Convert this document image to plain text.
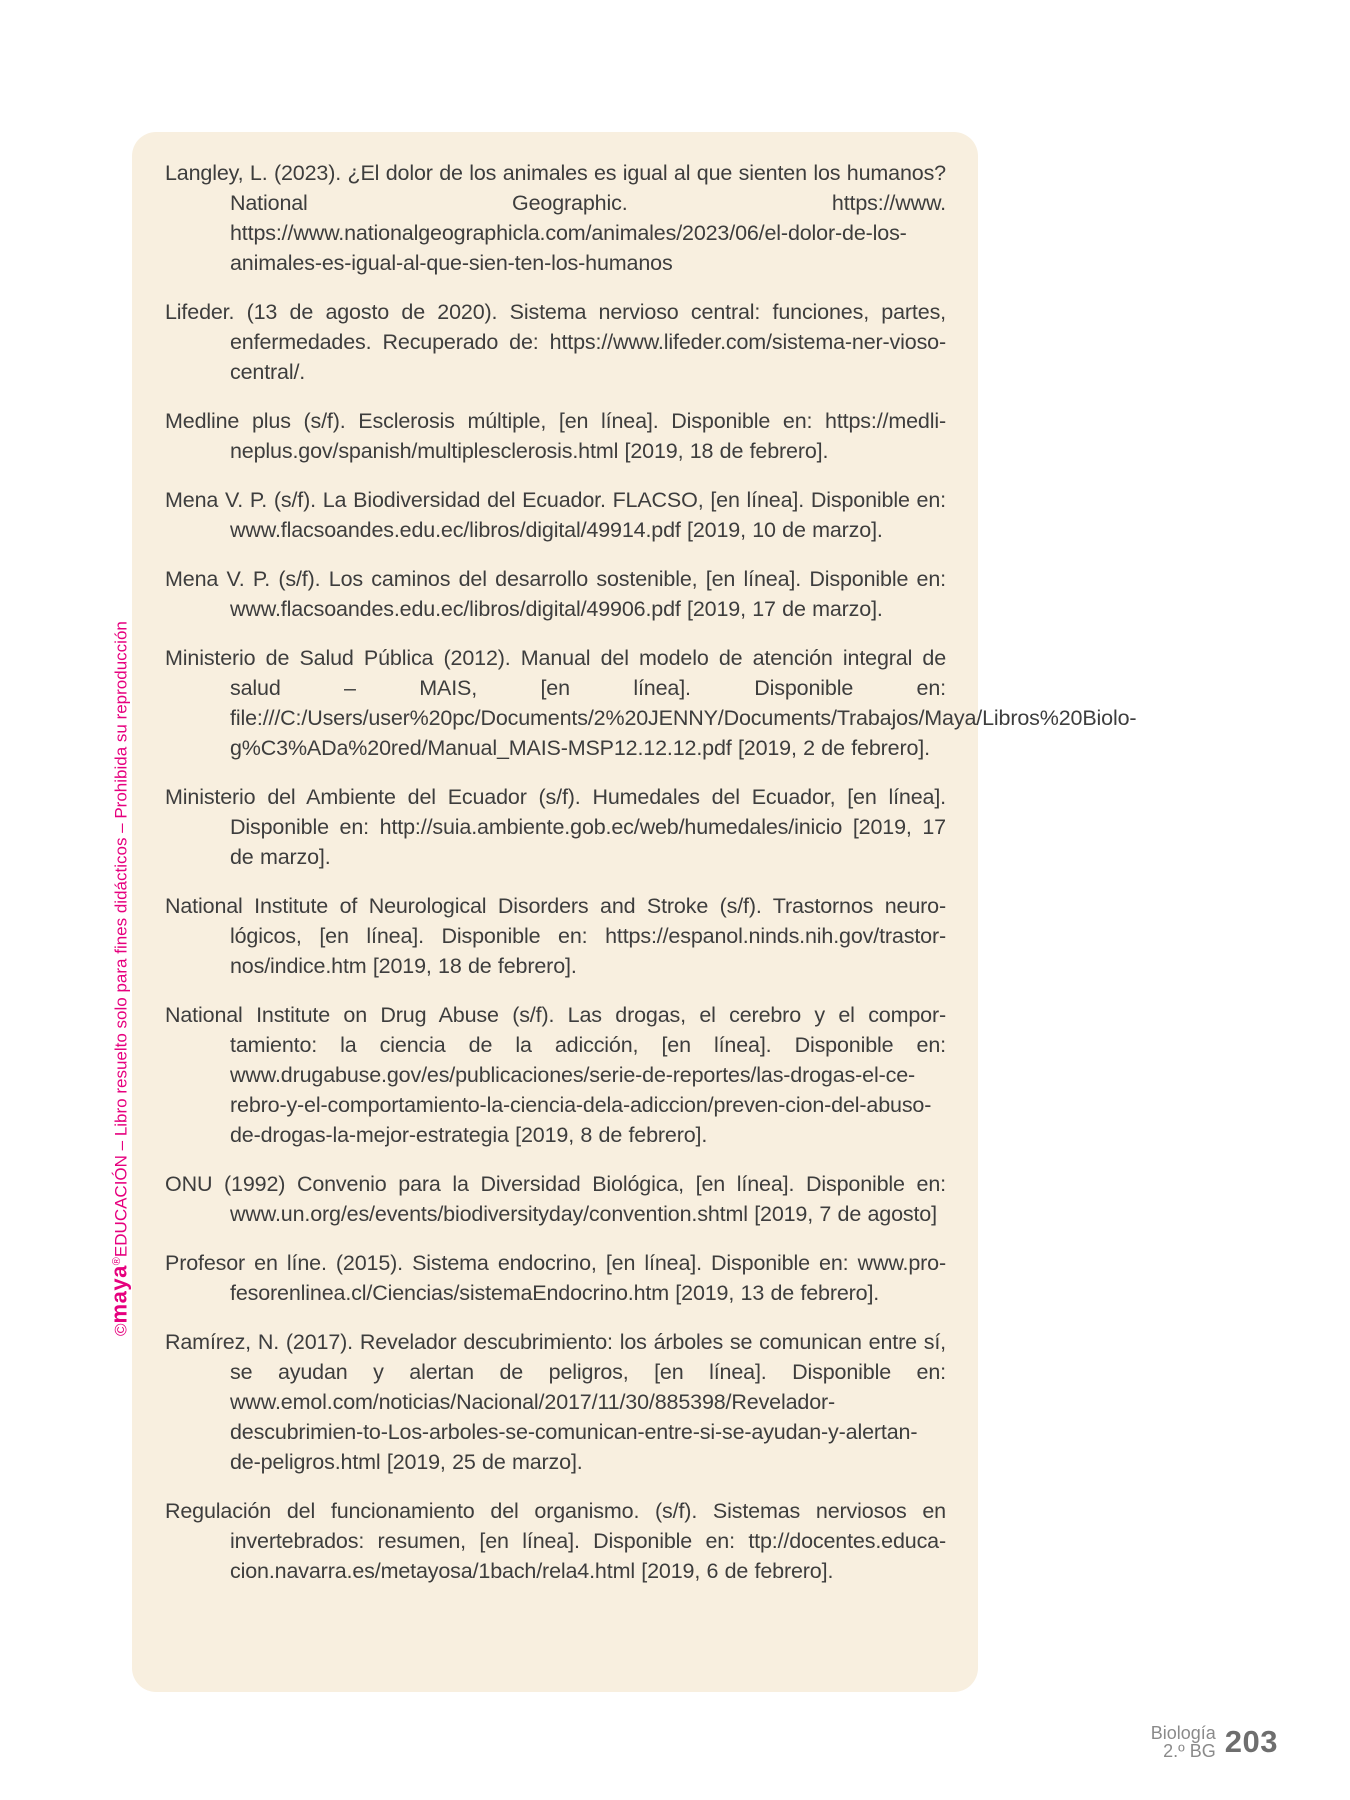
©maya®EDUCACIÓN – Libro resuelto solo para fines didácticos – Prohibida su reproducción
Langley, L. (2023). ¿El dolor de los animales es igual al que sienten los humanos? National Geographic. https://www. https://www.nationalgeographicla.com/animales/2023/06/el-dolor-de-los-animales-es-igual-al-que-sien-ten-los-humanos
Lifeder. (13 de agosto de 2020). Sistema nervioso central: funciones, partes, enfermedades. Recuperado de: https://www.lifeder.com/sistema-ner-vioso-central/.
Medline plus (s/f). Esclerosis múltiple, [en línea]. Disponible en: https://medli-neplus.gov/spanish/multiplesclerosis.html [2019, 18 de febrero].
Mena V. P. (s/f). La Biodiversidad del Ecuador. FLACSO, [en línea]. Disponible en: www.flacsoandes.edu.ec/libros/digital/49914.pdf [2019, 10 de marzo].
Mena V. P. (s/f). Los caminos del desarrollo sostenible, [en línea]. Disponible en: www.flacsoandes.edu.ec/libros/digital/49906.pdf [2019, 17 de marzo].
Ministerio de Salud Pública (2012). Manual del modelo de atención integral de salud – MAIS, [en línea]. Disponible en: file:///C:/Users/user%20pc/Documents/2%20JENNY/Documents/Trabajos/Maya/Libros%20Biolo-g%C3%ADa%20red/Manual_MAIS-MSP12.12.12.pdf [2019, 2 de febrero].
Ministerio del Ambiente del Ecuador (s/f). Humedales del Ecuador, [en línea]. Disponible en: http://suia.ambiente.gob.ec/web/humedales/inicio [2019, 17 de marzo].
National Institute of Neurological Disorders and Stroke (s/f). Trastornos neuro-lógicos, [en línea]. Disponible en: https://espanol.ninds.nih.gov/trastor-nos/indice.htm [2019, 18 de febrero].
National Institute on Drug Abuse (s/f). Las drogas, el cerebro y el compor-tamiento: la ciencia de la adicción, [en línea]. Disponible en: www.drugabuse.gov/es/publicaciones/serie-de-reportes/las-drogas-el-ce-rebro-y-el-comportamiento-la-ciencia-dela-adiccion/preven-cion-del-abuso-de-drogas-la-mejor-estrategia [2019, 8 de febrero].
ONU (1992) Convenio para la Diversidad Biológica, [en línea]. Disponible en: www.un.org/es/events/biodiversityday/convention.shtml [2019, 7 de agosto]
Profesor en líne. (2015). Sistema endocrino, [en línea]. Disponible en: www.pro-fesorenlinea.cl/Ciencias/sistemaEndocrino.htm [2019, 13 de febrero].
Ramírez, N. (2017). Revelador descubrimiento: los árboles se comunican entre sí, se ayudan y alertan de peligros, [en línea]. Disponible en: www.emol.com/noticias/Nacional/2017/11/30/885398/Revelador-descubrimien-to-Los-arboles-se-comunican-entre-si-se-ayudan-y-alertan-de-peligros.html [2019, 25 de marzo].
Regulación del funcionamiento del organismo. (s/f). Sistemas nerviosos en invertebrados: resumen, [en línea]. Disponible en: ttp://docentes.educa-cion.navarra.es/metayosa/1bach/rela4.html [2019, 6 de febrero].
Biología
2.º BG 203
